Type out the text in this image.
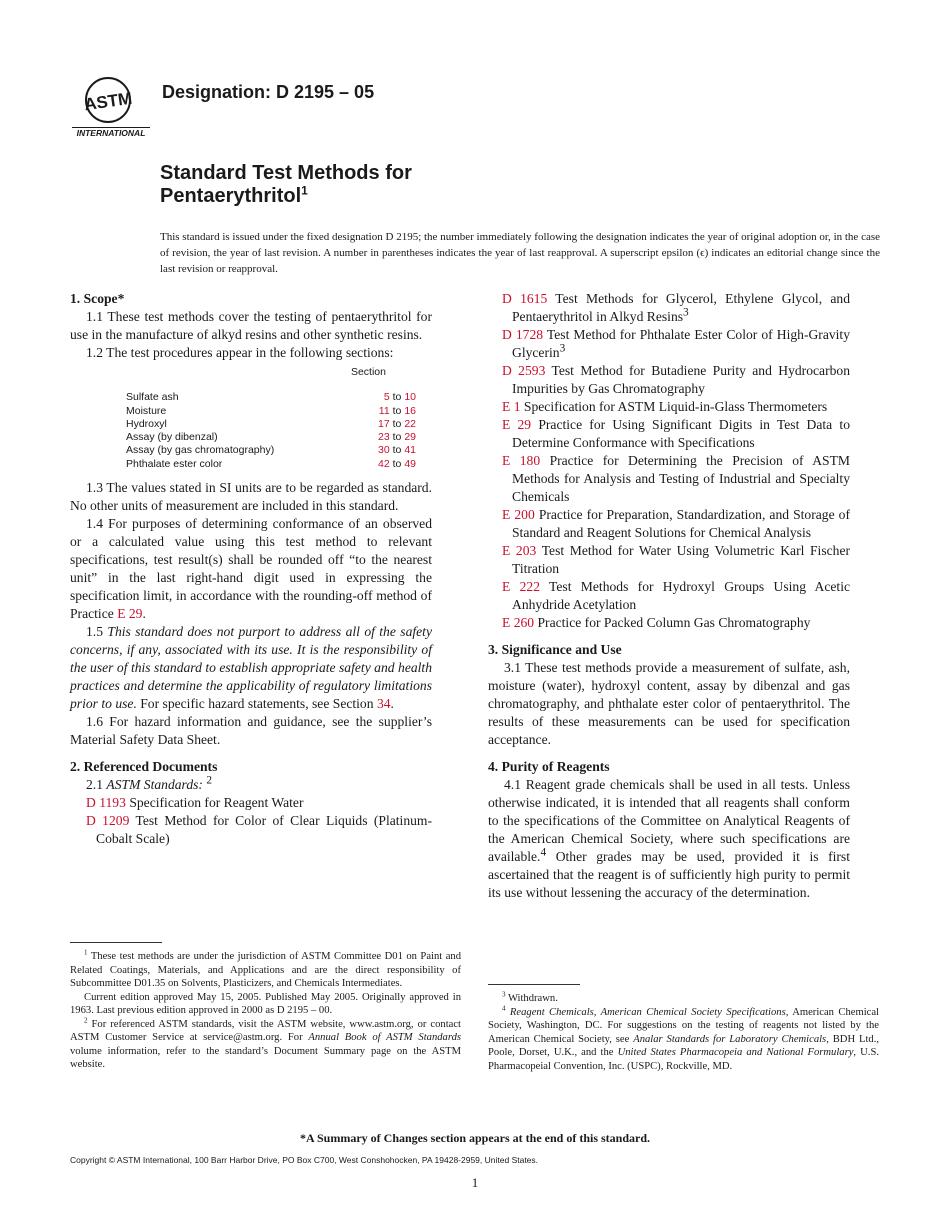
ASTM
INTERNATIONAL
Designation: D 2195 – 05
Standard Test Methods for
Pentaerythritol$^1$
This standard is issued under the fixed designation D 2195; the number immediately following the designation indicates the year of original adoption or, in the case of revision, the year of last revision. A number in parentheses indicates the year of last reapproval. A superscript epsilon (ϵ) indicates an editorial change since the last revision or reapproval.
1. Scope*

1.1 These test methods cover the testing of pentaerythritol for use in the manufacture of alkyd resins and other synthetic resins.

1.2 The test procedures appear in the following sections:

	Section
Sulfate ash	5 to 10
Moisture	11 to 16
Hydroxyl	17 to 22
Assay (by dibenzal)	23 to 29
Assay (by gas chromatography)	30 to 41
Phthalate ester color	42 to 49

1.3 The values stated in SI units are to be regarded as standard. No other units of measurement are included in this standard.

1.4 For purposes of determining conformance of an observed or a calculated value using this test method to relevant specifications, test result(s) shall be rounded off “to the nearest unit” in the last right-hand digit used in expressing the specification limit, in accordance with the rounding-off method of Practice E 29.

1.5 This standard does not purport to address all of the safety concerns, if any, associated with its use. It is the responsibility of the user of this standard to establish appropriate safety and health practices and determine the applicability of regulatory limitations prior to use. For specific hazard statements, see Section 34.

1.6 For hazard information and guidance, see the supplier’s Material Safety Data Sheet.

2. Referenced Documents

2.1 ASTM Standards: $^2$

D 1193 Specification for Reagent Water

D 1209 Test Method for Color of Clear Liquids (Platinum-Cobalt Scale)

$^1$ These test methods are under the jurisdiction of ASTM Committee D01 on Paint and Related Coatings, Materials, and Applications and are the direct responsibility of Subcommittee D01.35 on Solvents, Plasticizers, and Chemicals Intermediates.

Current edition approved May 15, 2005. Published May 2005. Originally approved in 1963. Last previous edition approved in 2000 as D 2195 – 00.

$^2$ For referenced ASTM standards, visit the ASTM website, www.astm.org, or contact ASTM Customer Service at service@astm.org. For Annual Book of ASTM Standards volume information, refer to the standard’s Document Summary page on the ASTM website.

D 1615 Test Methods for Glycerol, Ethylene Glycol, and Pentaerythritol in Alkyd Resins$^3$

D 1728 Test Method for Phthalate Ester Color of High-Gravity Glycerin$^3$

D 2593 Test Method for Butadiene Purity and Hydrocarbon Impurities by Gas Chromatography

E 1 Specification for ASTM Liquid-in-Glass Thermometers

E 29 Practice for Using Significant Digits in Test Data to Determine Conformance with Specifications

E 180 Practice for Determining the Precision of ASTM Methods for Analysis and Testing of Industrial and Specialty Chemicals

E 200 Practice for Preparation, Standardization, and Storage of Standard and Reagent Solutions for Chemical Analysis

E 203 Test Method for Water Using Volumetric Karl Fischer Titration

E 222 Test Methods for Hydroxyl Groups Using Acetic Anhydride Acetylation

E 260 Practice for Packed Column Gas Chromatography

3. Significance and Use

3.1 These test methods provide a measurement of sulfate, ash, moisture (water), hydroxyl content, assay by dibenzal and gas chromatography, and phthalate ester color of pentaerythritol. The results of these measurements can be used for specification acceptance.

4. Purity of Reagents

4.1 Reagent grade chemicals shall be used in all tests. Unless otherwise indicated, it is intended that all reagents shall conform to the specifications of the Committee on Analytical Reagents of the American Chemical Society, where such specifications are available.$^4$ Other grades may be used, provided it is first ascertained that the reagent is of sufficiently high purity to permit its use without lessening the accuracy of the determination.

$^3$ Withdrawn.

$^4$ Reagent Chemicals, American Chemical Society Specifications, American Chemical Society, Washington, DC. For suggestions on the testing of reagents not listed by the American Chemical Society, see Analar Standards for Laboratory Chemicals, BDH Ltd., Poole, Dorset, U.K., and the United States Pharmacopeia and National Formulary, U.S. Pharmacopeial Convention, Inc. (USPC), Rockville, MD.

*A Summary of Changes section appears at the end of this standard.
Copyright © ASTM International, 100 Barr Harbor Drive, PO Box C700, West Conshohocken, PA 19428-2959, United States.
1
